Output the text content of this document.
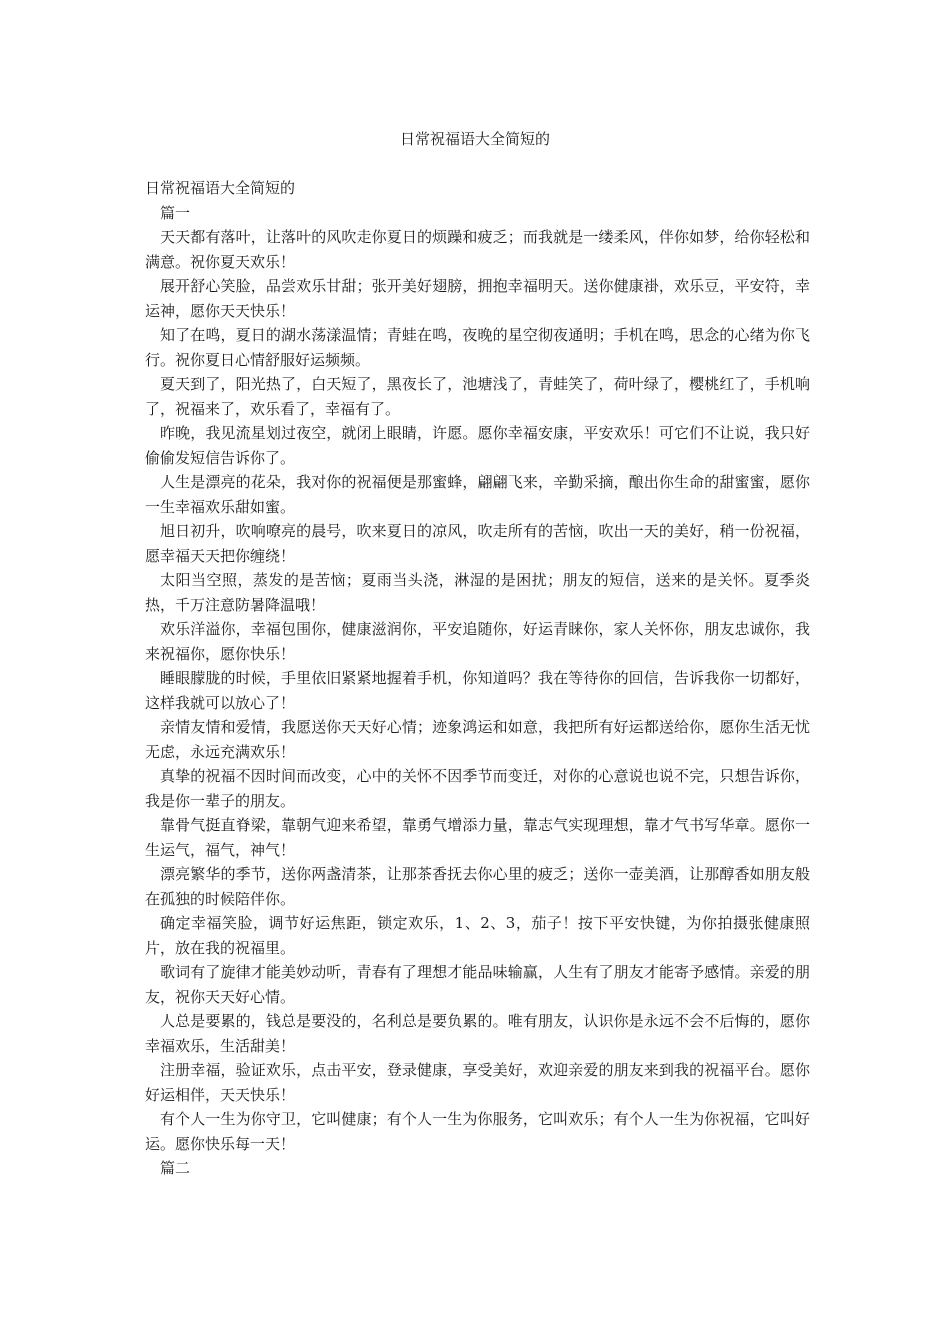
日常祝福语大全简短的

日常祝福语大全简短的

篇一

天天都有落叶，让落叶的风吹走你夏日的烦躁和疲乏；而我就是一缕柔风，伴你如梦，给你轻松和满意。祝你夏天欢乐！

展开舒心笑脸，品尝欢乐甘甜；张开美好翅膀，拥抱幸福明天。送你健康褂，欢乐豆，平安符，幸运神，愿你天天快乐！

知了在鸣，夏日的湖水荡漾温情；青蛙在鸣，夜晚的星空彻夜通明；手机在鸣，思念的心绪为你飞行。祝你夏日心情舒服好运频频。

夏天到了，阳光热了，白天短了，黑夜长了，池塘浅了，青蛙笑了，荷叶绿了，樱桃红了，手机响了，祝福来了，欢乐看了，幸福有了。

昨晚，我见流星划过夜空，就闭上眼睛，许愿。愿你幸福安康，平安欢乐！可它们不让说，我只好偷偷发短信告诉你了。

人生是漂亮的花朵，我对你的祝福便是那蜜蜂，翩翩飞来，辛勤采摘，酿出你生命的甜蜜蜜，愿你一生幸福欢乐甜如蜜。

旭日初升，吹响嘹亮的晨号，吹来夏日的凉风，吹走所有的苦恼，吹出一天的美好，稍一份祝福，愿幸福天天把你缠绕！

太阳当空照，蒸发的是苦恼；夏雨当头浇，淋湿的是困扰；朋友的短信，送来的是关怀。夏季炎热，千万注意防暑降温哦！

欢乐洋溢你，幸福包围你，健康滋润你，平安追随你，好运青睐你，家人关怀你，朋友忠诚你，我来祝福你，愿你快乐！

睡眼朦胧的时候，手里依旧紧紧地握着手机，你知道吗？我在等待你的回信，告诉我你一切都好，这样我就可以放心了！

亲情友情和爱情，我愿送你天天好心情；迹象鸿运和如意，我把所有好运都送给你，愿你生活无忧无虑，永远充满欢乐！

真挚的祝福不因时间而改变，心中的关怀不因季节而变迁，对你的心意说也说不完，只想告诉你，我是你一辈子的朋友。

靠骨气挺直脊梁，靠朝气迎来希望，靠勇气增添力量，靠志气实现理想，靠才气书写华章。愿你一生运气，福气，神气！

漂亮繁华的季节，送你两盏清茶，让那茶香抚去你心里的疲乏；送你一壶美酒，让那醇香如朋友般在孤独的时候陪伴你。

确定幸福笑脸，调节好运焦距，锁定欢乐，1、2、3，茄子！按下平安快键，为你拍摄张健康照片，放在我的祝福里。

歌词有了旋律才能美妙动听，青春有了理想才能品味输赢，人生有了朋友才能寄予感情。亲爱的朋友，祝你天天好心情。

人总是要累的，钱总是要没的，名利总是要负累的。唯有朋友，认识你是永远不会不后悔的，愿你幸福欢乐，生活甜美！

注册幸福，验证欢乐，点击平安，登录健康，享受美好，欢迎亲爱的朋友来到我的祝福平台。愿你好运相伴，天天快乐！

有个人一生为你守卫，它叫健康；有个人一生为你服务，它叫欢乐；有个人一生为你祝福，它叫好运。愿你快乐每一天！

篇二
